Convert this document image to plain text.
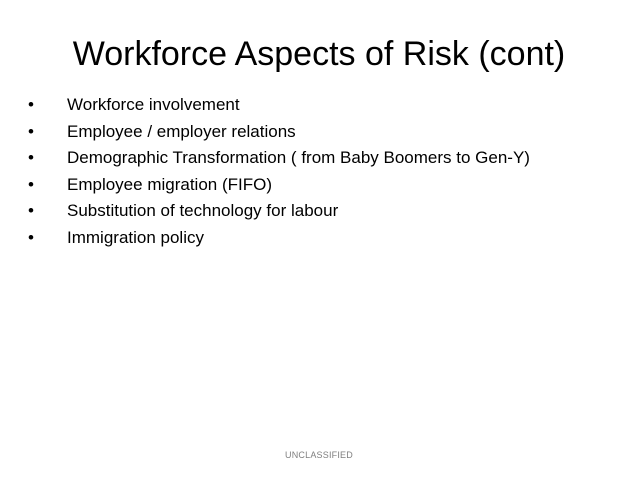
Workforce Aspects of Risk (cont)
•	Workforce involvement
•	Employee / employer relations
•	Demographic Transformation ( from Baby Boomers to Gen-Y)
•	Employee migration (FIFO)
•	Substitution of technology for labour
•	Immigration policy
UNCLASSIFIED
